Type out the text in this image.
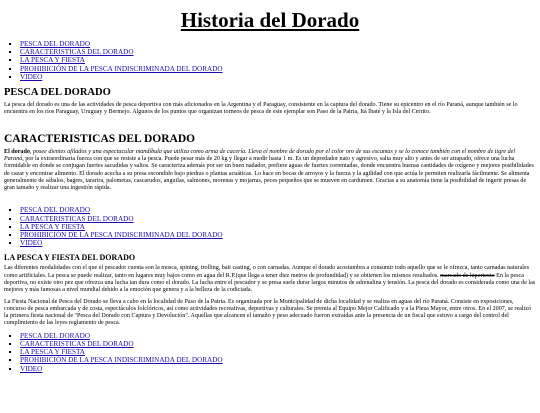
Historia del Dorado
▪ PESCA DEL DORADO
▪ CARACTERISTICAS DEL DORADO
▪ LA PESCA Y FIESTA
▪ PROHIBICIÓN DE LA PESCA INDISCRIMINADA DEL DORADO
▪ VIDEO
PESCA DEL DORADO

La pesca del dorado es una de las actividades de pesca deportiva con más aficionados en la Argentina y el Paraguay, consistente en la captura del dorado. Tiene su epicentro en el río Paraná, aunque también se lo encuentra en los ríos Paraguay, Uruguay y Bermejo. Algunos de los puntos que organizan torneos de pesca de este ejemplar son Paso de la Patria, Itá Ibaté y la Isla del Cerrito.

CARACTERISTICAS DEL DORADO

El dorado, posee dientes afilados y una espectacular mandíbula que utiliza como arma de cacería. Lleva el nombre de dorado por el color oro de sus escamas y se lo conoce también con el nombre de tigre del Paraná, por la extraordinaria fuerza con que se resiste a la pesca. Puede pesar más de 20 kg y llegar a medir hasta 1 m. Es un depredador nato y agresivo, salta muy alto y antes de ser atrapado, ofrece una lucha formidable en donde se conjugan fuertes sacudidas y saltos. Se caracteriza además por ser un buen nadador, prefiere aguas de fuertes correntadas, donde encuentra buenas cantidades de oxígeno y mejores posibilidades de cazar y encontrar alimento. El dorado acecha a su presa escondido bajo piedras o plantas acuáticas. Lo hace en bocas de arroyos y la fuerza y la agilidad con que actúa le permiten realizarla fácilmente. Se alimenta generalmente de sábalos, bagres, tararira, palometas, cascarudos, anguilas, salmones, morenas y mojarras, peces pequeños que se mueven en cardumen. Gracias a su anatomía tiene la posibilidad de ingerir presas de gran tamaño y realizar una ingestión rápida.

▪ PESCA DEL DORADO
▪ CARACTERISTICAS DEL DORADO
▪ LA PESCA Y FIESTA
▪ PROHIBICIÓN DE LA PESCA INDISCRIMINADA DEL DORADO
▪ VIDEO
LA PESCA Y FIESTA DEL DORADO

Las diferentes modalidades con el que el pescador cuenta son la mosca, spining, trolling, bait casting, o con carnadas. Aunque el dorado acostumbra a consumir todo aquello que se le ofrezca, tanto carnadas naturales como artificiales. La pesca se puede realizar, tanto en lugares muy bajos como en agua del R.P.(que llega a tener diez metros de profundidad) y se obtienen los mismos resultados. marcado de hipertexto En la pesca deportiva, no existe otro pez que ofrezca una lucha tan dura como el dorado. La lucha entre el pescador y se presa suele durar largos minutos de adrenalina y tensión. La pesca del dorado es considerada como una de las mejores y más famosas a nivel mundial debido a la emoción que genera y a la belleza de la codiciada.

La Fiesta Nacional de Pesca del Dorado se lleva a cabo en la localidad de Paso de la Patria. Es organizada por la Municipalidad de dicha localidad y se realiza en aguas del río Paraná. Consiste en exposiciones, concurso de pesca embarcada y de costa, espectáculos folclóricos, así como actividades recreativas, deportivas y culturales. Se premia al Equipo Mejor Calificado y a la Pieza Mayor, entre otros. En el 2007, se realizó la primera fiesta nacional de "Pesca del Dorado con Captura y Devolución". Aquellas que alcancen el tamaño y peso adecuado fueron extraídas ante la presencia de un fiscal que estuvo a cargo del control del cumplimiento de las leyes reglamento de pesca.

▪ PESCA DEL DORADO
▪ CARACTERISTICAS DEL DORADO
▪ LA PESCA Y FIESTA
▪ PROHIBICIÓN DE LA PESCA INDISCRIMINADA DEL DORADO
▪ VIDEO
